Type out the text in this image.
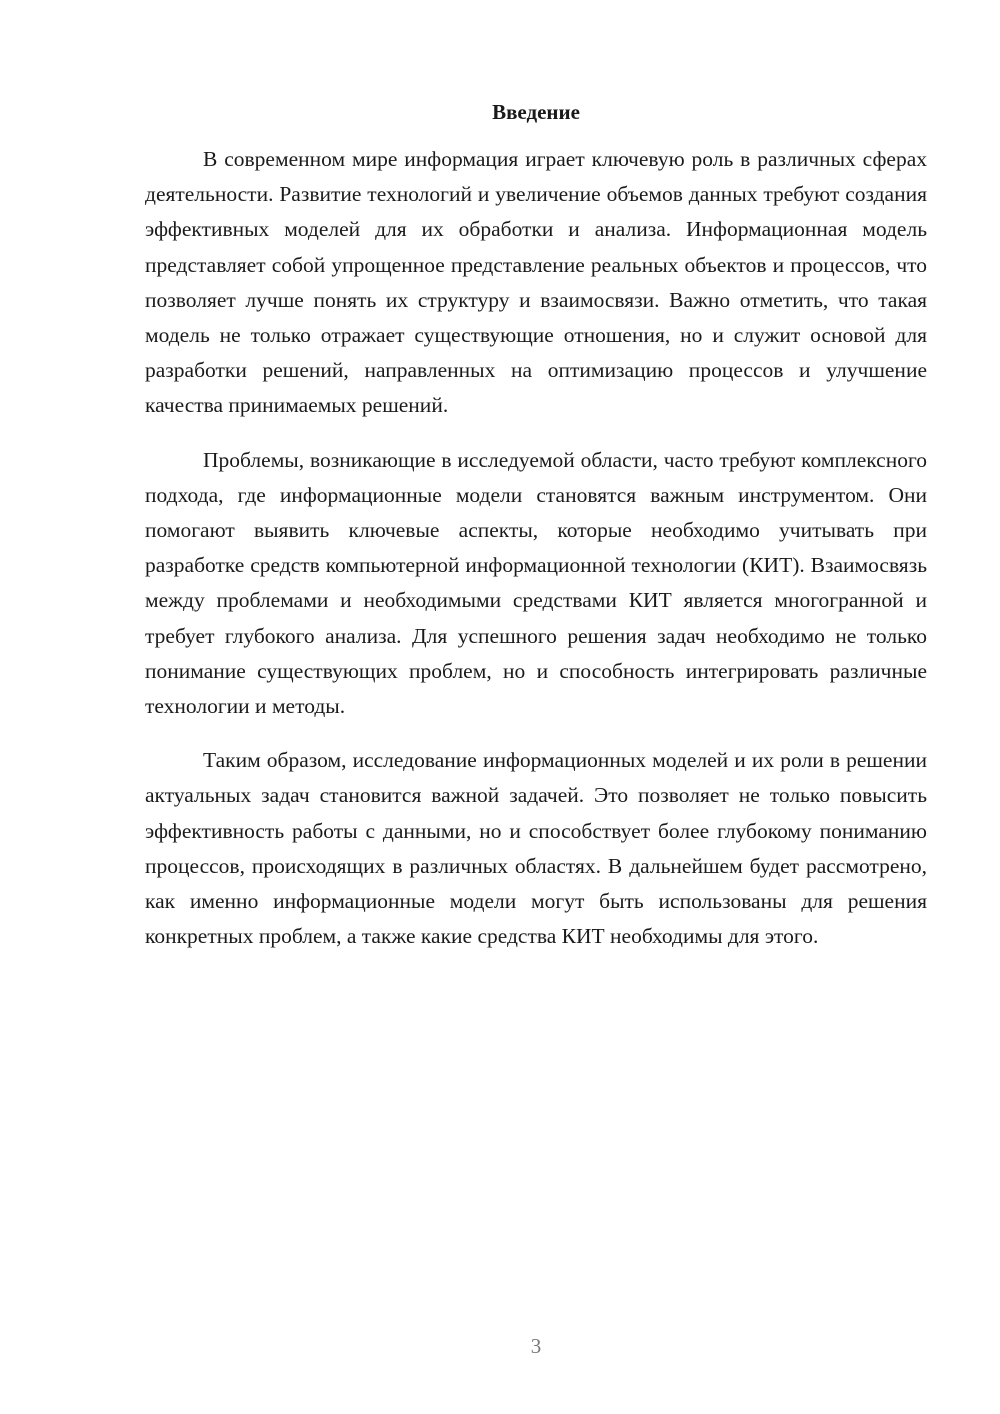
Введение

В современном мире информация играет ключевую роль в различных сферах деятельности. Развитие технологий и увеличение объемов данных требуют создания эффективных моделей для их обработки и анализа. Информационная модель представляет собой упрощенное представление реальных объектов и процессов, что позволяет лучше понять их структуру и взаимосвязи. Важно отметить, что такая модель не только отражает существующие отношения, но и служит основой для разработки решений, направленных на оптимизацию процессов и улучшение качества принимаемых решений.

Проблемы, возникающие в исследуемой области, часто требуют комплексного подхода, где информационные модели становятся важным инструментом. Они помогают выявить ключевые аспекты, которые необходимо учитывать при разработке средств компьютерной информационной технологии (КИТ). Взаимосвязь между проблемами и необходимыми средствами КИТ является многогранной и требует глубокого анализа. Для успешного решения задач необходимо не только понимание существующих проблем, но и способность интегрировать различные технологии и методы.

Таким образом, исследование информационных моделей и их роли в решении актуальных задач становится важной задачей. Это позволяет не только повысить эффективность работы с данными, но и способствует более глубокому пониманию процессов, происходящих в различных областях. В дальнейшем будет рассмотрено, как именно информационные модели могут быть использованы для решения конкретных проблем, а также какие средства КИТ необходимы для этого.

3
